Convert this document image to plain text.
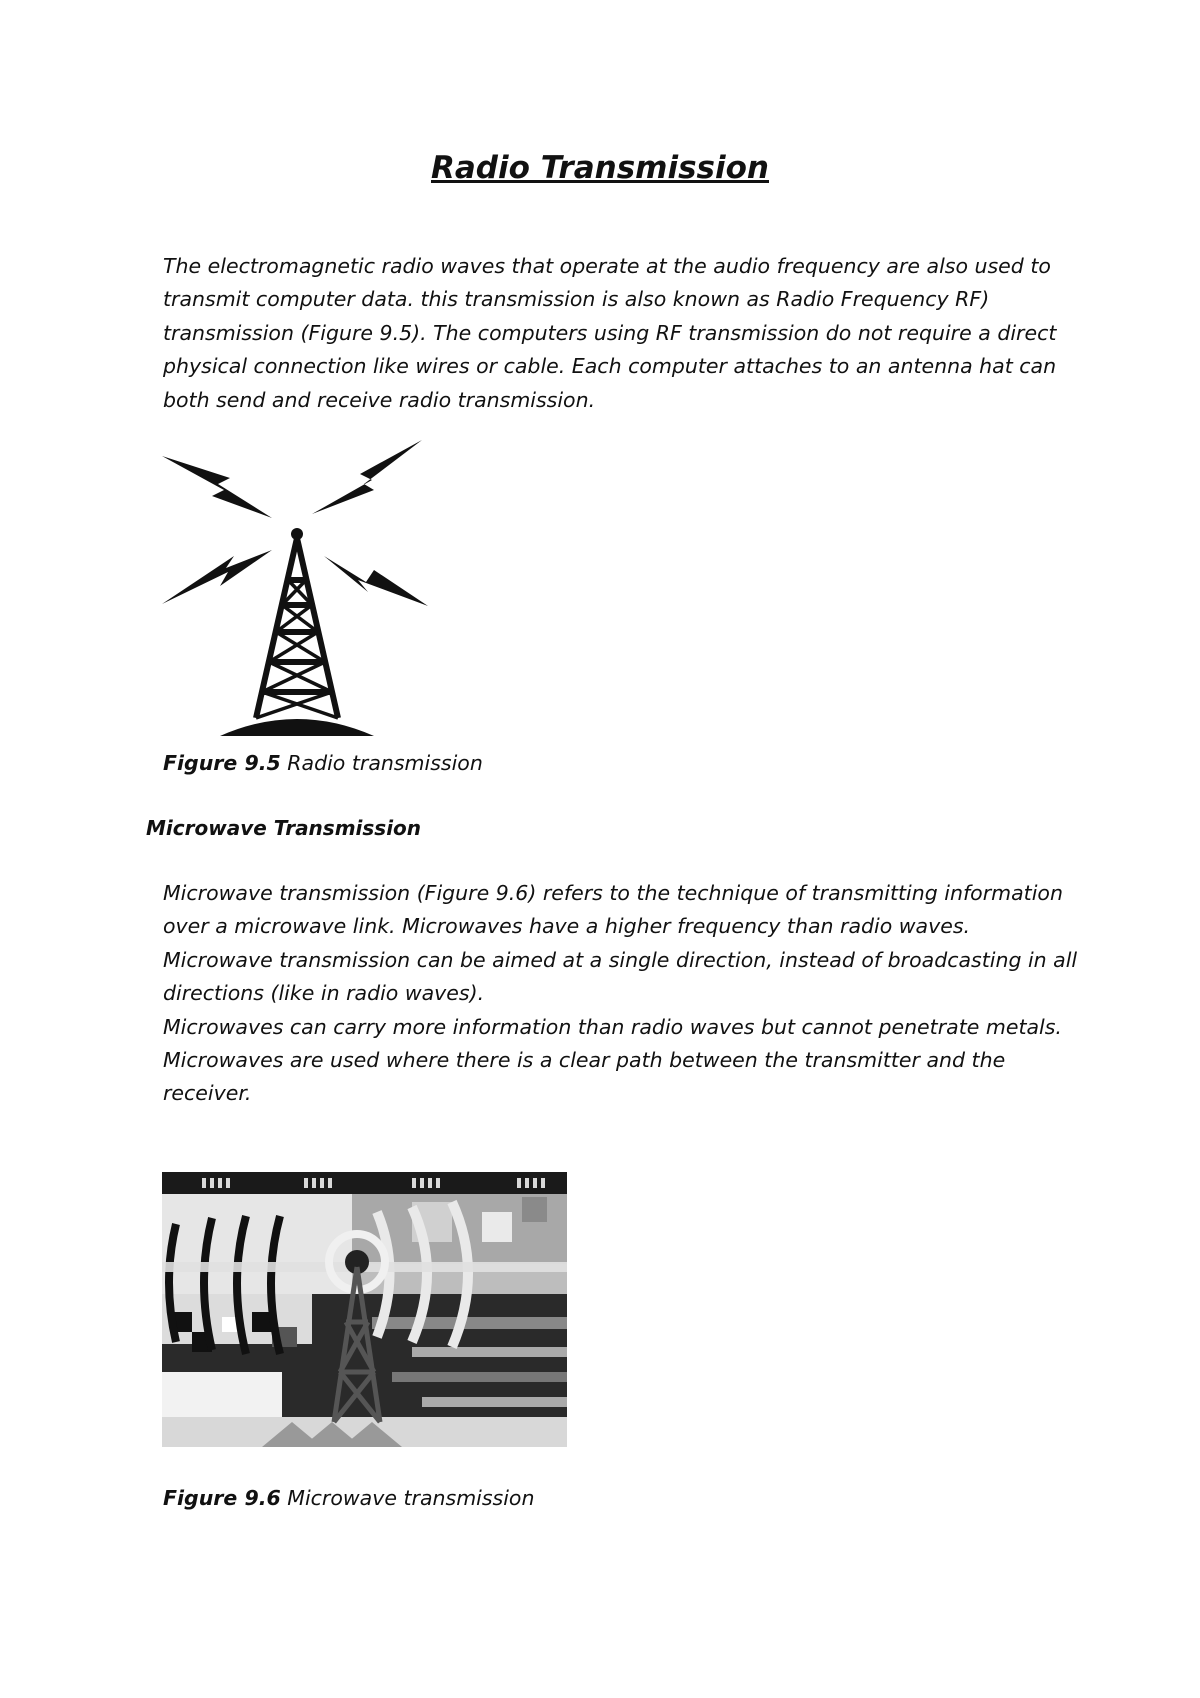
Radio Transmission

The electromagnetic radio waves that operate at the audio frequency are also used to transmit computer data. this transmission is also known as Radio Frequency RF) transmission (Figure 9.5). The computers using RF transmission do not require a direct physical connection like wires or cable. Each computer attaches to an antenna hat can both send and receive radio transmission.

Figure 9.5 Radio transmission

Microwave Transmission
Microwave transmission (Figure 9.6) refers to the technique of transmitting information over a microwave link. Microwaves have a higher frequency than radio waves. Microwave transmission can be aimed at a single direction, instead of broadcasting in all directions (like in radio waves).
Microwaves can carry more information than radio waves but cannot penetrate metals.
Microwaves are used where there is a clear path between the transmitter and the receiver.

Figure 9.6 Microwave transmission
